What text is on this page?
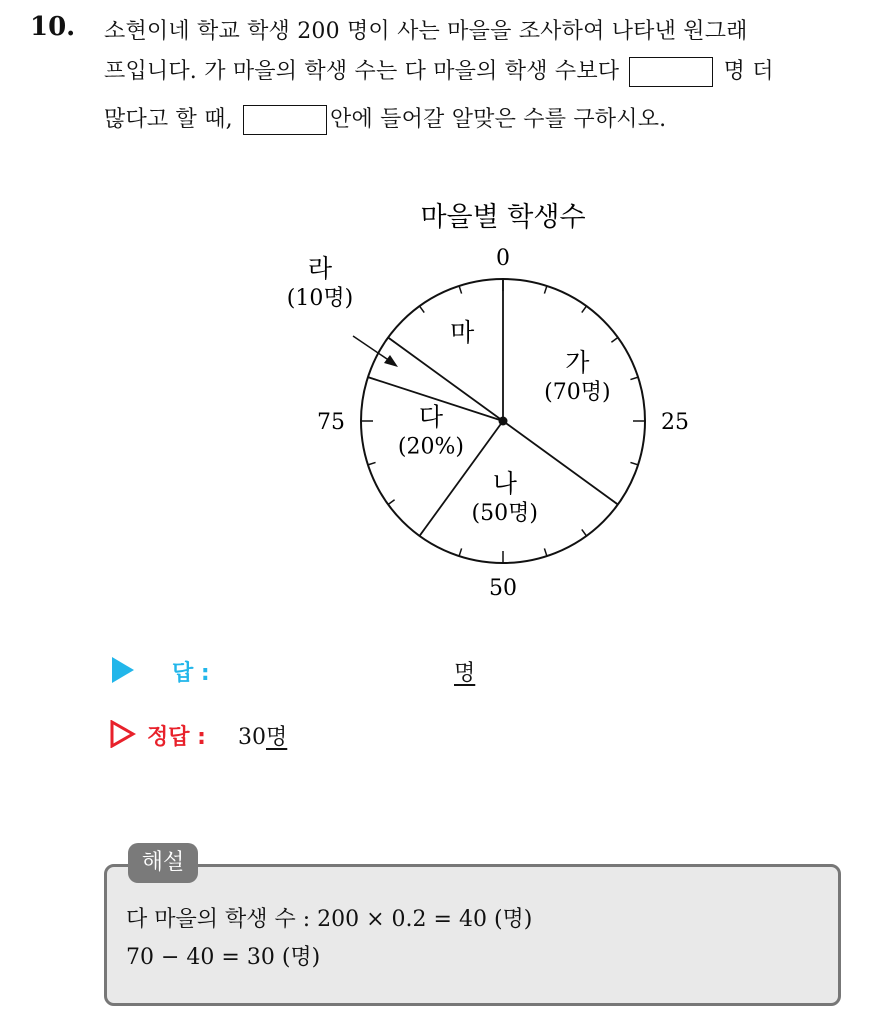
10. 소현이네 학교 학생 200 명이 사는 마을을 조사하여 나타낸 원그래
프입니다. 가 마을의 학생 수는 다 마을의 학생 수보다	명 더
많다고 할 때,	안에 들어갈 알맞은 수를 구하시오.
마을별 학생수
0
25
50
75
가
(70명)
나
(50명)
다
(20%)
라
(10명)
마
답 :	명
정답 : 30명
해설
다 마을의 학생 수 : 200 × 0.2 = 40 (명)
70 − 40 = 30 (명)
